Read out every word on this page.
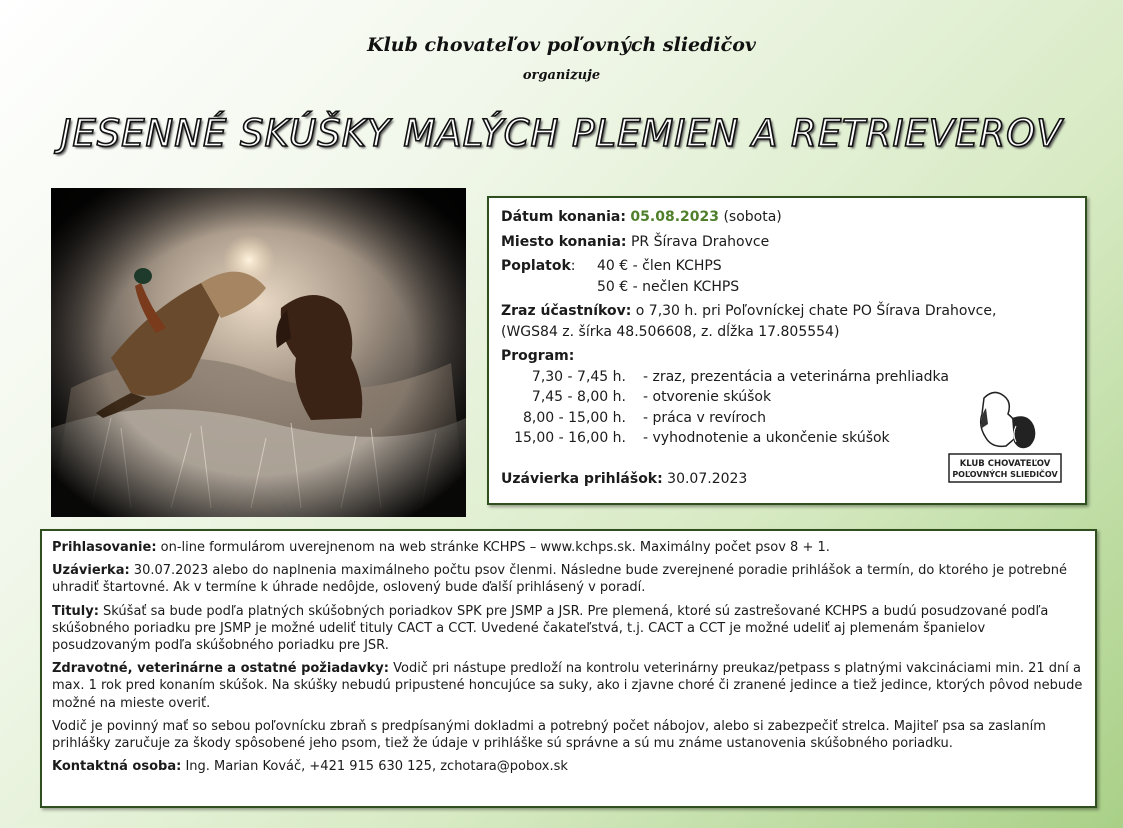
Klub chovateľov poľovných sliedičov
organizuje
JESENNÉ SKÚŠKY MALÝCH PLEMIEN A RETRIEVEROV
Dátum konania: 05.08.2023 (sobota)
Miesto konania: PR Šírava Drahovce
Poplatok:	40 € - člen KCHPS
50 € - nečlen KCHPS
Zraz účastníkov: o 7,30 h. pri Poľovníckej chate PO Šírava Drahovce,
(WGS84 z. šírka 48.506608, z. dĺžka 17.805554)
Program:
7,30 - 7,45 h.	- zraz, prezentácia a veterinárna prehliadka
7,45 - 8,00 h.	- otvorenie skúšok
8,00 - 15,00 h.	- práca v revíroch
15,00 - 16,00 h.	- vyhodnotenie a ukončenie skúšok
Uzávierka prihlášok: 30.07.2023
KLUB CHOVATEĽOV
POĽOVNÝCH SLIEDIČOV

Prihlasovanie: on-line formulárom uverejnenom na web stránke KCHPS – www.kchps.sk. Maximálny počet psov 8 + 1.

Uzávierka: 30.07.2023 alebo do naplnenia maximálneho počtu psov členmi. Následne bude zverejnené poradie prihlášok a termín, do ktorého je potrebné uhradiť štartovné. Ak v termíne k úhrade nedôjde, oslovený bude ďalší prihlásený v poradí.

Tituly: Skúšať sa bude podľa platných skúšobných poriadkov SPK pre JSMP a JSR. Pre plemená, ktoré sú zastrešované KCHPS a budú posudzované podľa skúšobného poriadku pre JSMP je možné udeliť tituly CACT a CCT. Uvedené čakateľstvá, t.j. CACT a CCT je možné udeliť aj plemenám španielov posudzovaným podľa skúšobného poriadku pre JSR.

Zdravotné, veterinárne a ostatné požiadavky: Vodič pri nástupe predloží na kontrolu veterinárny preukaz/petpass s platnými vakcináciami min. 21 dní a max. 1 rok pred konaním skúšok. Na skúšky nebudú pripustené honcujúce sa suky, ako i zjavne choré či zranené jedince a tiež jedince, ktorých pôvod nebude možné na mieste overiť.

Vodič je povinný mať so sebou poľovnícku zbraň s predpísanými dokladmi a potrebný počet nábojov, alebo si zabezpečiť strelca. Majiteľ psa sa zaslaním prihlášky zaručuje za škody spôsobené jeho psom, tiež že údaje v prihláške sú správne a sú mu známe ustanovenia skúšobného poriadku.

Kontaktná osoba: Ing. Marian Kováč, +421 915 630 125, zchotara@pobox.sk
